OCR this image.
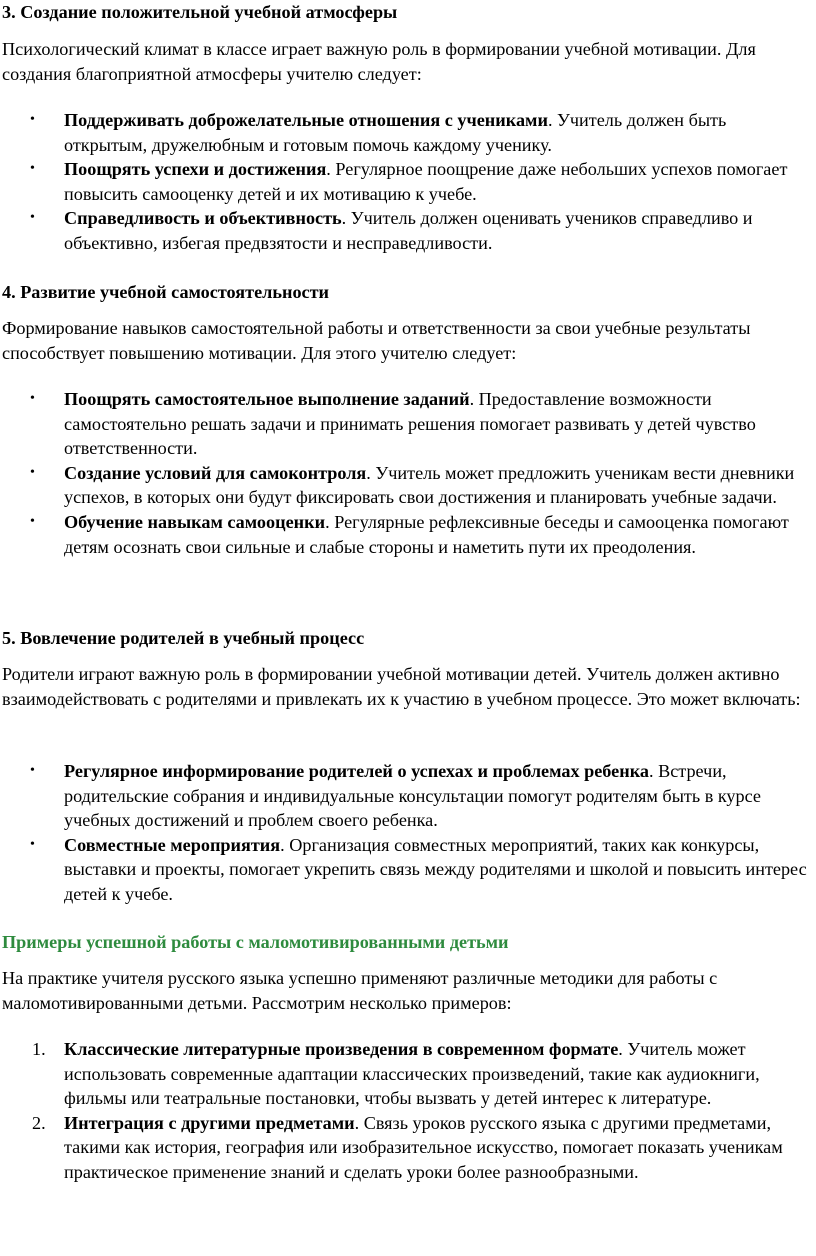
3. Создание положительной учебной атмосферы

Психологический климат в классе играет важную роль в формировании учебной мотивации. Для создания благоприятной атмосферы учителю следует:

• Поддерживать доброжелательные отношения с учениками. Учитель должен быть открытым, дружелюбным и готовым помочь каждому ученику.
• Поощрять успехи и достижения. Регулярное поощрение даже небольших успехов помогает повысить самооценку детей и их мотивацию к учебе.
• Справедливость и объективность. Учитель должен оценивать учеников справедливо и объективно, избегая предвзятости и несправедливости.
4. Развитие учебной самостоятельности

Формирование навыков самостоятельной работы и ответственности за свои учебные результаты способствует повышению мотивации. Для этого учителю следует:

• Поощрять самостоятельное выполнение заданий. Предоставление возможности самостоятельно решать задачи и принимать решения помогает развивать у детей чувство ответственности.
• Создание условий для самоконтроля. Учитель может предложить ученикам вести дневники успехов, в которых они будут фиксировать свои достижения и планировать учебные задачи.
• Обучение навыкам самооценки. Регулярные рефлексивные беседы и самооценка помогают детям осознать свои сильные и слабые стороны и наметить пути их преодоления.
5. Вовлечение родителей в учебный процесс

Родители играют важную роль в формировании учебной мотивации детей. Учитель должен активно взаимодействовать с родителями и привлекать их к участию в учебном процессе. Это может включать:

• Регулярное информирование родителей о успехах и проблемах ребенка. Встречи, родительские собрания и индивидуальные консультации помогут родителям быть в курсе учебных достижений и проблем своего ребенка.
• Совместные мероприятия. Организация совместных мероприятий, таких как конкурсы, выставки и проекты, помогает укрепить связь между родителями и школой и повысить интерес детей к учебе.
Примеры успешной работы с маломотивированными детьми

На практике учителя русского языка успешно применяют различные методики для работы с маломотивированными детьми. Рассмотрим несколько примеров:

1. Классические литературные произведения в современном формате. Учитель может использовать современные адаптации классических произведений, такие как аудиокниги, фильмы или театральные постановки, чтобы вызвать у детей интерес к литературе.
2. Интеграция с другими предметами. Связь уроков русского языка с другими предметами, такими как история, география или изобразительное искусство, помогает показать ученикам практическое применение знаний и сделать уроки более разнообразными.
